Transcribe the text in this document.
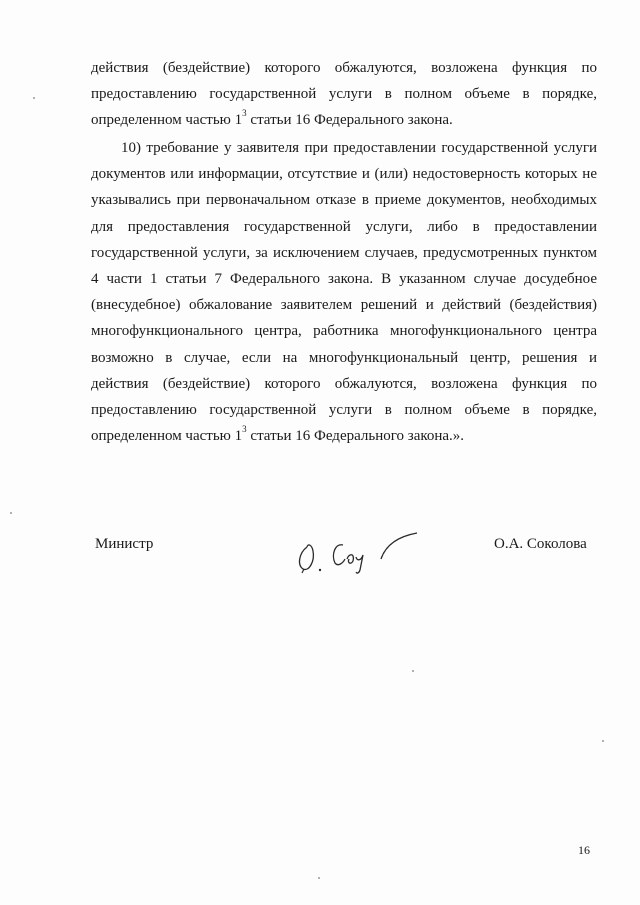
действия (бездействие) которого обжалуются, возложена функция по
предоставлению государственной услуги в полном объеме в порядке,
определенном частью $1^3$ статьи 16 Федерального закона.
10) требование у заявителя при предоставлении государственной услуги
документов или информации, отсутствие и (или) недостоверность которых не
указывались при первоначальном отказе в приеме документов, необходимых
для предоставления государственной услуги, либо в предоставлении
государственной услуги, за исключением случаев, предусмотренных пунктом
4 части 1 статьи 7 Федерального закона. В указанном случае досудебное
(внесудебное) обжалование заявителем решений и действий (бездействия)
многофункционального центра, работника многофункционального центра
возможно в случае, если на многофункциональный центр, решения и
действия (бездействие) которого обжалуются, возложена функция по
предоставлению государственной услуги в полном объеме в порядке,
определенном частью $1^3$ статьи 16 Федерального закона.».
Министр	О.А. Соколова
16
